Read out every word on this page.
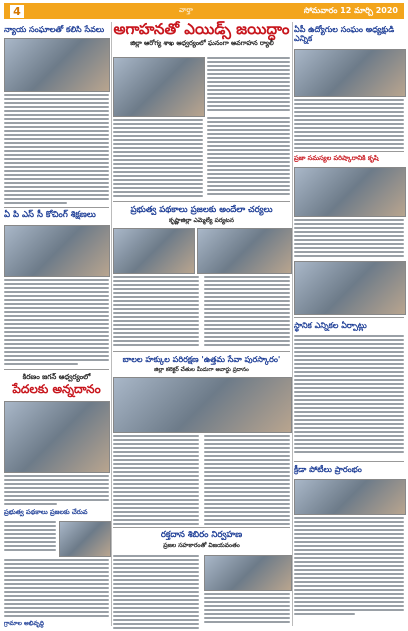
4	వార్తా	సోమవారం 12 మార్చి 2020
న్యాయ సంఘాలతో కలిసి సేవలు
ఏ పి ఎస్ సీ కోచింగ్ శిక్షణలు
కిరణం జగన్ ఆధ్వర్యంలో
పేదలకు అన్నదానం
ప్రభుత్వ పథకాలు ప్రజలకు చేరువ
గ్రామాల అభివృద్ధి
అగాహనతో ఎయిడ్స్ జయిద్దాం
జిల్లా ఆరోగ్య శాఖ ఆధ్వర్యంలో ఘనంగా అవగాహన ర్యాలీ
ప్రభుత్వ పథకాలు ప్రజలకు అందేలా చర్యలు
కృష్ణాజిల్లా ఎమ్మెల్యే పర్యటన
బాలల హక్కుల పరిరక్షణ 'ఉత్తమ సేవా పురస్కారం'
జిల్లా కలెక్టర్ చేతుల మీదుగా అవార్డు ప్రదానం
రక్తదాన శిబిరం నిర్వహణ
ప్రజల సహకారంతో విజయవంతం
ఏపీ ఉద్యోగుల సంఘం అధ్యక్షుడి ఎన్నిక
ప్రజా సమస్యల పరిష్కారానికి కృషి
స్థానిక ఎన్నికల ఏర్పాట్లు
క్రీడా పోటీలు ప్రారంభం
